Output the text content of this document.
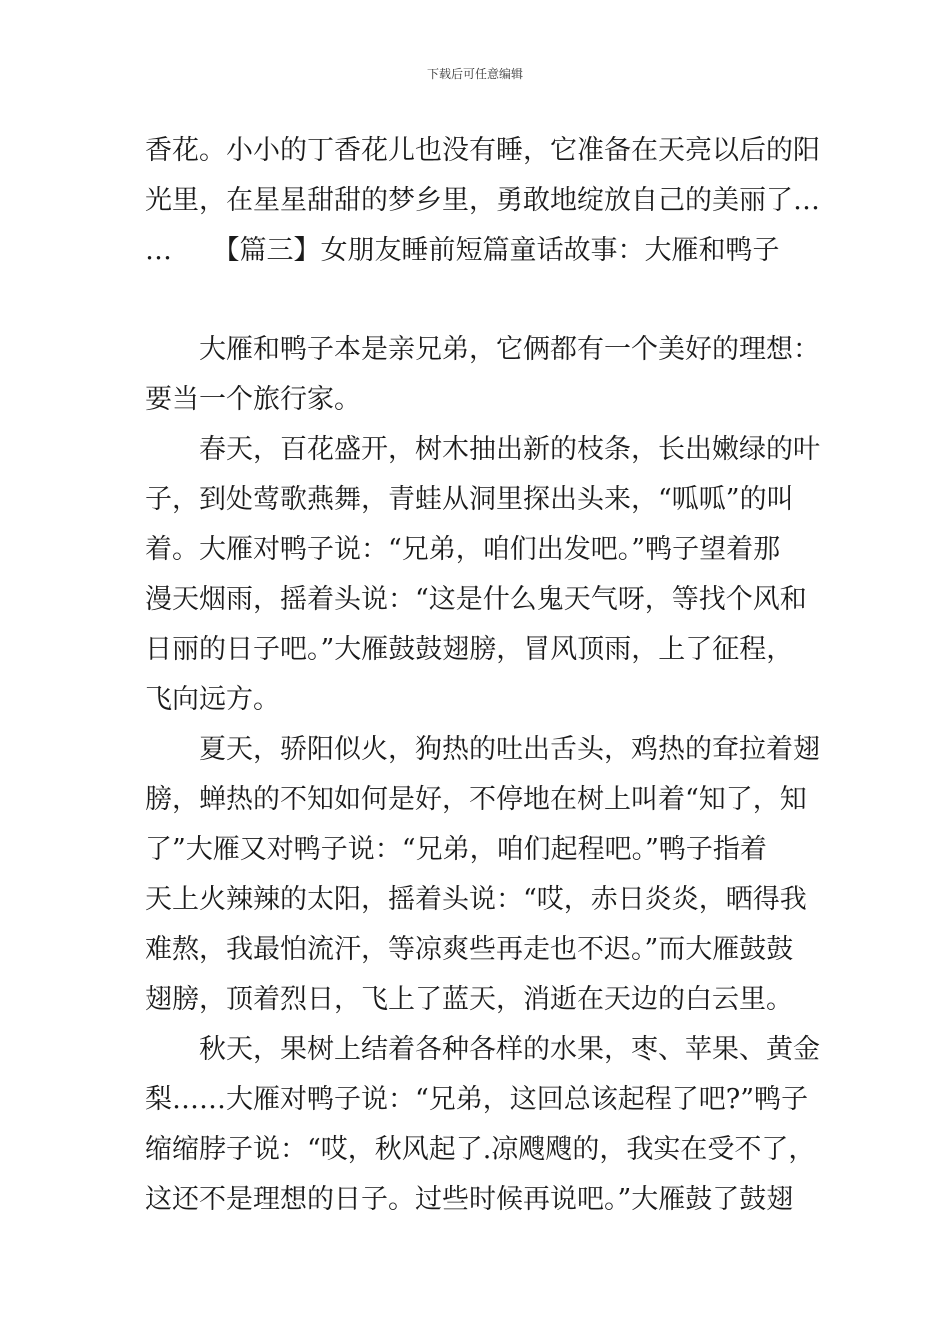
下载后可任意编辑
香花。小小的丁香花儿也没有睡，它准备在天亮以后的阳
光里，在星星甜甜的梦乡里，勇敢地绽放自己的美丽了…
…　　【篇三】女朋友睡前短篇童话故事：大雁和鸭子
大雁和鸭子本是亲兄弟，它俩都有一个美好的理想：
要当一个旅行家。
春天，百花盛开，树木抽出新的枝条，长出嫩绿的叶
子，到处莺歌燕舞，青蛙从洞里探出头来，“呱呱”的叫
着。大雁对鸭子说：“兄弟，咱们出发吧。”鸭子望着那
漫天烟雨，摇着头说：“这是什么鬼天气呀，等找个风和
日丽的日子吧。”大雁鼓鼓翅膀，冒风顶雨，上了征程，
飞向远方。
夏天，骄阳似火，狗热的吐出舌头，鸡热的耷拉着翅
膀，蝉热的不知如何是好，不停地在树上叫着“知了，知
了”大雁又对鸭子说：“兄弟，咱们起程吧。”鸭子指着
天上火辣辣的太阳，摇着头说：“哎，赤日炎炎，晒得我
难熬，我最怕流汗，等凉爽些再走也不迟。”而大雁鼓鼓
翅膀，顶着烈日，飞上了蓝天，消逝在天边的白云里。
秋天，果树上结着各种各样的水果，枣、苹果、黄金
梨……大雁对鸭子说：“兄弟，这回总该起程了吧?”鸭子
缩缩脖子说：“哎，秋风起了.凉飕飕的，我实在受不了，
这还不是理想的日子。过些时候再说吧。”大雁鼓了鼓翅
